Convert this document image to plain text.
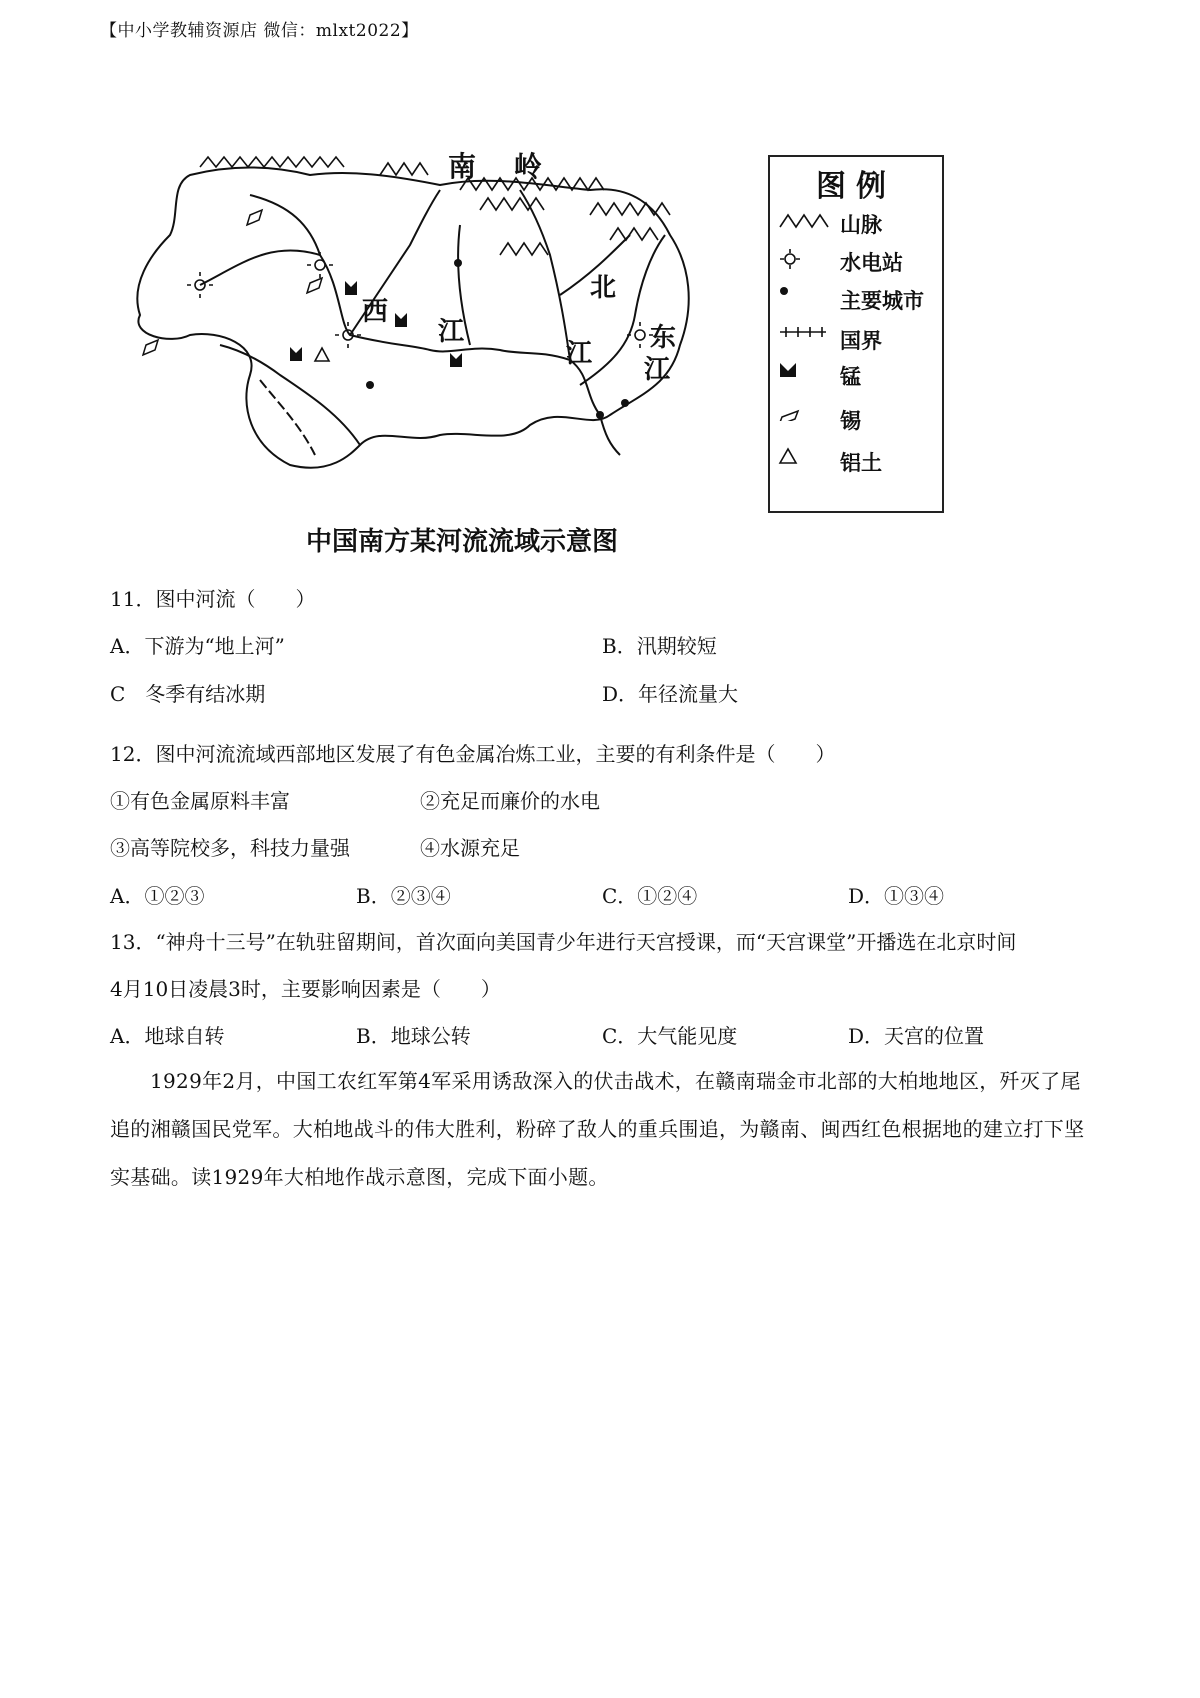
【中小学教辅资源店 微信：mlxt2022】
南 岭
西
江
北
江
东
江
图例
山脉
水电站
主要城市
国界
锰
锡
铝土
中国南方某河流流域示意图
11．图中河流（　　）
A．下游为“地上河”	B．汛期较短
C　冬季有结冰期	D．年径流量大
12．图中河流流域西部地区发展了有色金属冶炼工业，主要的有利条件是（　　）
①有色金属原料丰富	②充足而廉价的水电
③高等院校多，科技力量强	④水源充足
A．①②③	B．②③④	C．①②④	D．①③④
13．“神舟十三号”在轨驻留期间，首次面向美国青少年进行天宫授课，而“天宫课堂”开播选在北京时间
4月10日凌晨3时，主要影响因素是（　　）
A．地球自转	B．地球公转	C．大气能见度	D．天宫的位置
1929年2月，中国工农红军第4军采用诱敌深入的伏击战术，在赣南瑞金市北部的大柏地地区，歼灭了尾追的湘赣国民党军。大柏地战斗的伟大胜利，粉碎了敌人的重兵围追，为赣南、闽西红色根据地的建立打下坚实基础。读1929年大柏地作战示意图，完成下面小题。
